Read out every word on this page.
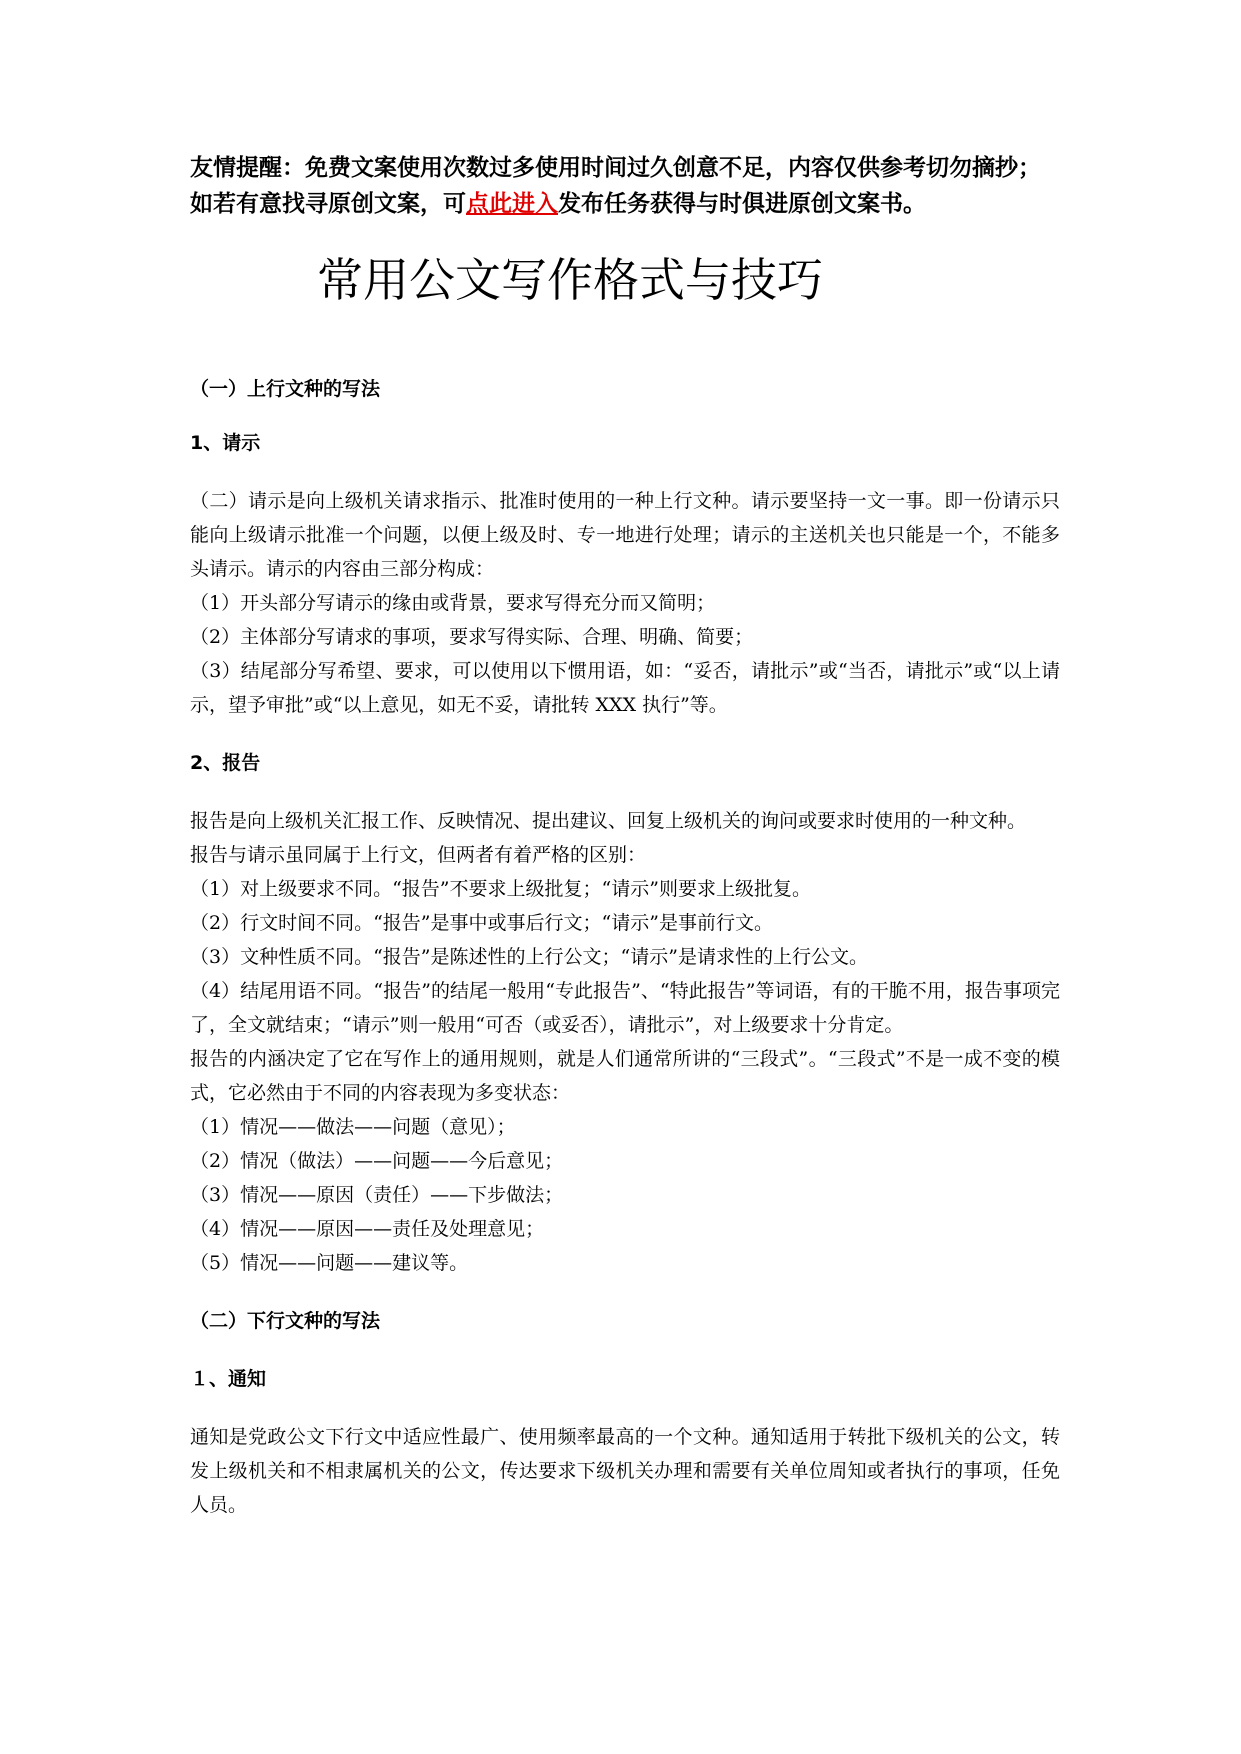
友情提醒：免费文案使用次数过多使用时间过久创意不足，内容仅供参考切勿摘抄；如若有意找寻原创文案，可点此进入发布任务获得与时俱进原创文案书。
常用公文写作格式与技巧

（一）上行文种的写法

1、请示

（二）请示是向上级机关请求指示、批准时使用的一种上行文种。请示要坚持一文一事。即一份请示只能向上级请示批准一个问题，以便上级及时、专一地进行处理；请示的主送机关也只能是一个，不能多头请示。请示的内容由三部分构成：

（1）开头部分写请示的缘由或背景，要求写得充分而又简明；

（2）主体部分写请求的事项，要求写得实际、合理、明确、简要；

（3）结尾部分写希望、要求，可以使用以下惯用语，如：“妥否，请批示”或“当否，请批示”或“以上请示，望予审批”或“以上意见，如无不妥，请批转 XXX 执行”等。

2、报告

报告是向上级机关汇报工作、反映情况、提出建议、回复上级机关的询问或要求时使用的一种文种。

报告与请示虽同属于上行文，但两者有着严格的区别：

（1）对上级要求不同。“报告”不要求上级批复；“请示”则要求上级批复。

（2）行文时间不同。“报告”是事中或事后行文；“请示”是事前行文。

（3）文种性质不同。“报告”是陈述性的上行公文；“请示”是请求性的上行公文。

（4）结尾用语不同。“报告”的结尾一般用“专此报告”、“特此报告”等词语，有的干脆不用，报告事项完了，全文就结束；“请示”则一般用“可否（或妥否），请批示”，对上级要求十分肯定。

报告的内涵决定了它在写作上的通用规则，就是人们通常所讲的“三段式”。“三段式”不是一成不变的模式，它必然由于不同的内容表现为多变状态：

（1）情况——做法——问题（意见）；

（2）情况（做法）——问题——今后意见；

（3）情况——原因（责任）——下步做法；

（4）情况——原因——责任及处理意见；

（5）情况——问题——建议等。

（二）下行文种的写法

１、通知

通知是党政公文下行文中适应性最广、使用频率最高的一个文种。通知适用于转批下级机关的公文，转发上级机关和不相隶属机关的公文，传达要求下级机关办理和需要有关单位周知或者执行的事项，任免人员。
